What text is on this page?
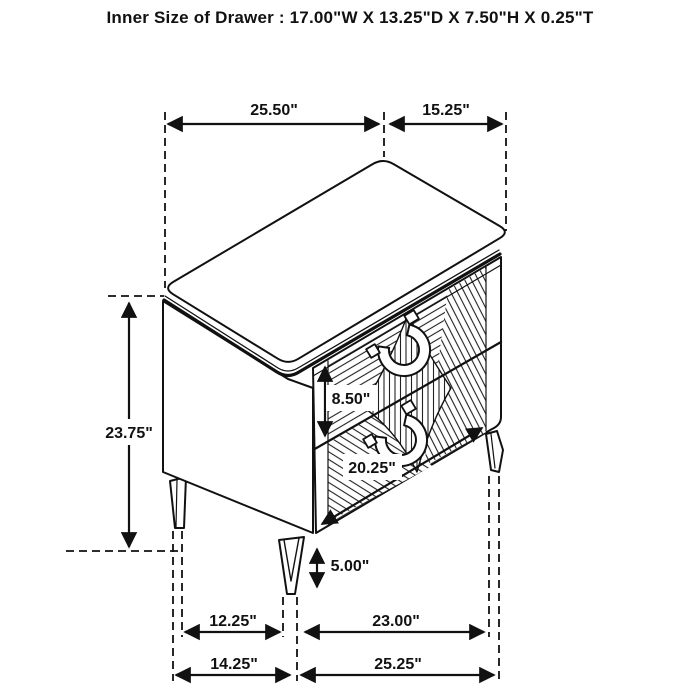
Inner Size of Drawer : 17.00"W X 13.25"D X 7.50"H X 0.25"T
25.50"	15.25"
23.75"
8.50"
20.25"
5.00"
12.25"	23.00"
14.25"	25.25"
